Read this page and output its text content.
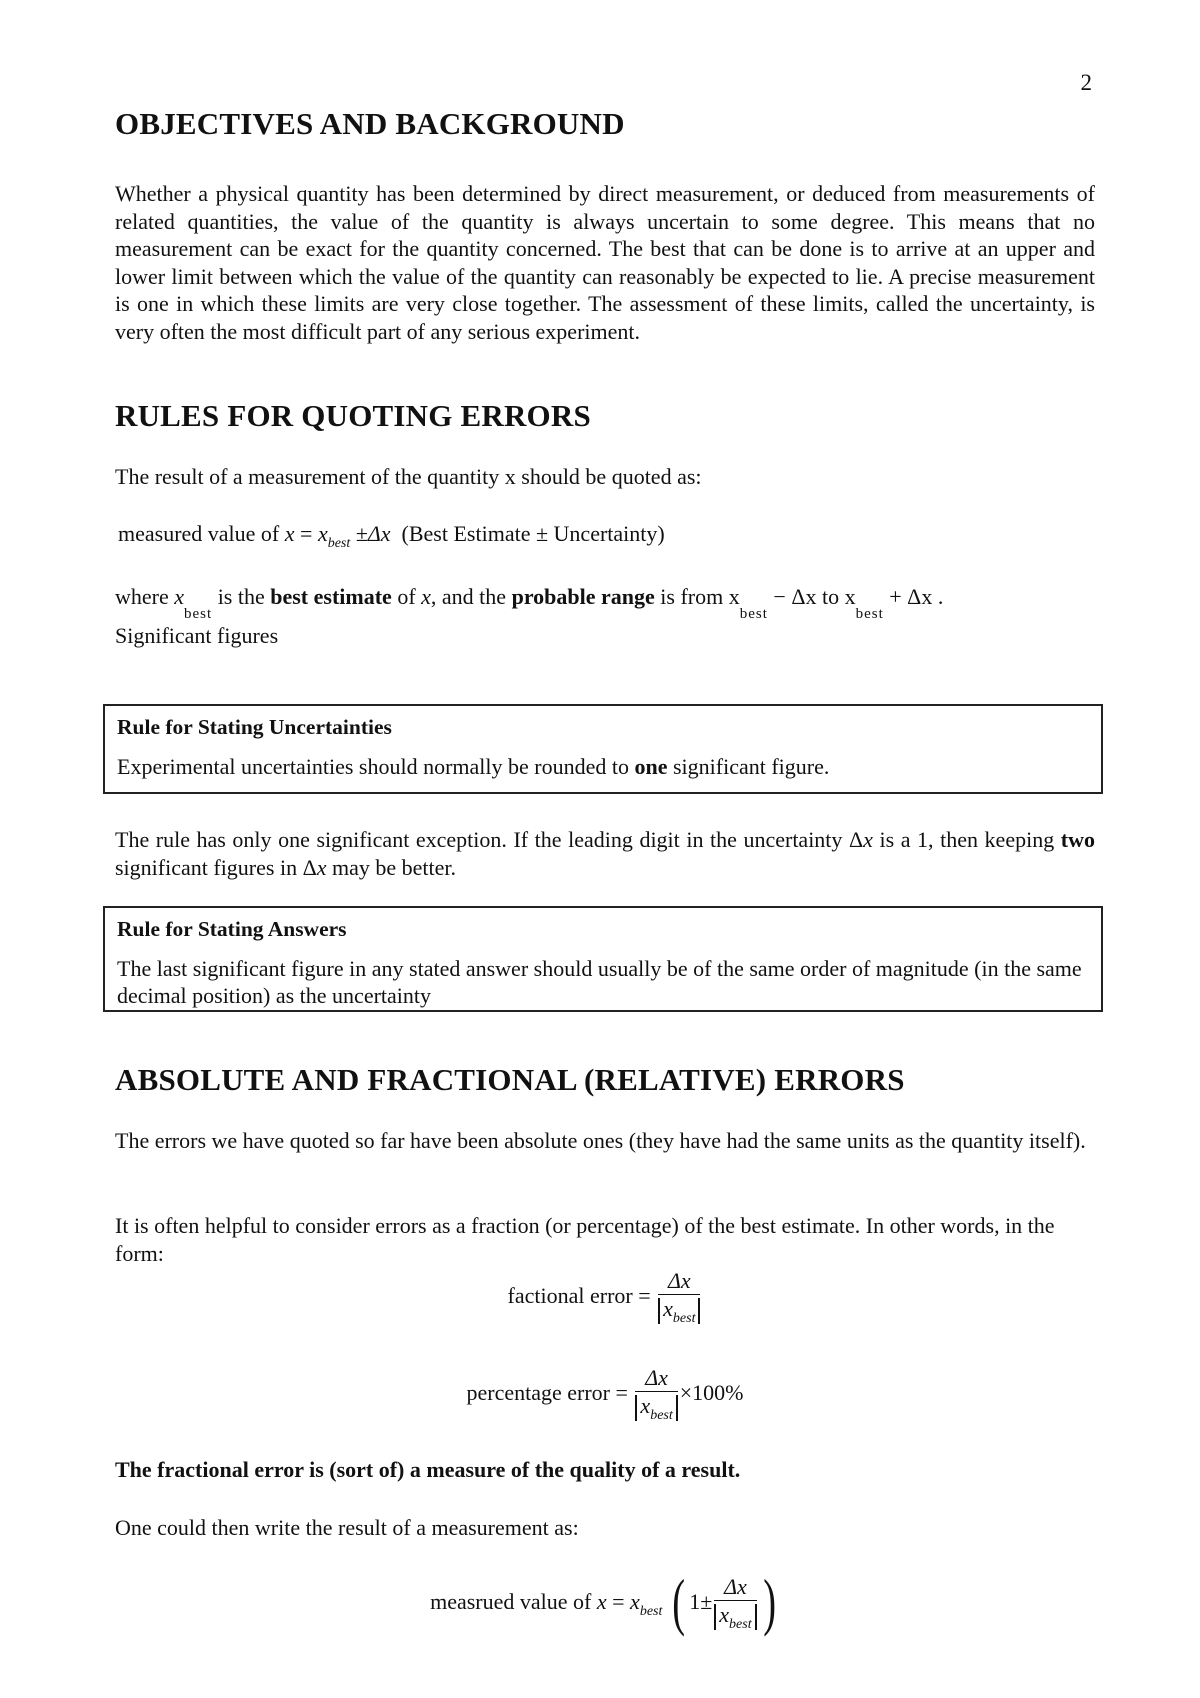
2
OBJECTIVES AND BACKGROUND

Whether a physical quantity has been determined by direct measurement, or deduced from measurements of related quantities, the value of the quantity is always uncertain to some degree. This means that no measurement can be exact for the quantity concerned. The best that can be done is to arrive at an upper and lower limit between which the value of the quantity can reasonably be expected to lie. A precise measurement is one in which these limits are very close together. The assessment of these limits, called the uncertainty, is very often the most difficult part of any serious experiment.

RULES FOR QUOTING ERRORS

The result of a measurement of the quantity x should be quoted as:

measured value of $x = x_{best} \pm\Delta x$ (Best Estimate ± Uncertainty)

where $x_{best}$ is the best estimate of x, and the probable range is from $x_{best} - \Delta x$ to $x_{best} + \Delta x$ .

Significant figures

Rule for Stating Uncertainties
Experimental uncertainties should normally be rounded to one significant figure.

The rule has only one significant exception. If the leading digit in the uncertainty Δx is a 1, then keeping two significant figures in Δx may be better.

Rule for Stating Answers
The last significant figure in any stated answer should usually be of the same order of magnitude (in the same decimal position) as the uncertainty
ABSOLUTE AND FRACTIONAL (RELATIVE) ERRORS

The errors we have quoted so far have been absolute ones (they have had the same units as the quantity itself).

It is often helpful to consider errors as a fraction (or percentage) of the best estimate. In other words, in the form:

factional error = $\frac{\Delta x}{x_{best}}$
percentage error = $\frac{\Delta x}{x_{best}} \times 100\%$

The fractional error is (sort of) a measure of the quality of a result.

One could then write the result of a measurement as:

measrued value of $x = x_{best}$ ( $1\pm \frac{\Delta x}{x_{best}}$ )
